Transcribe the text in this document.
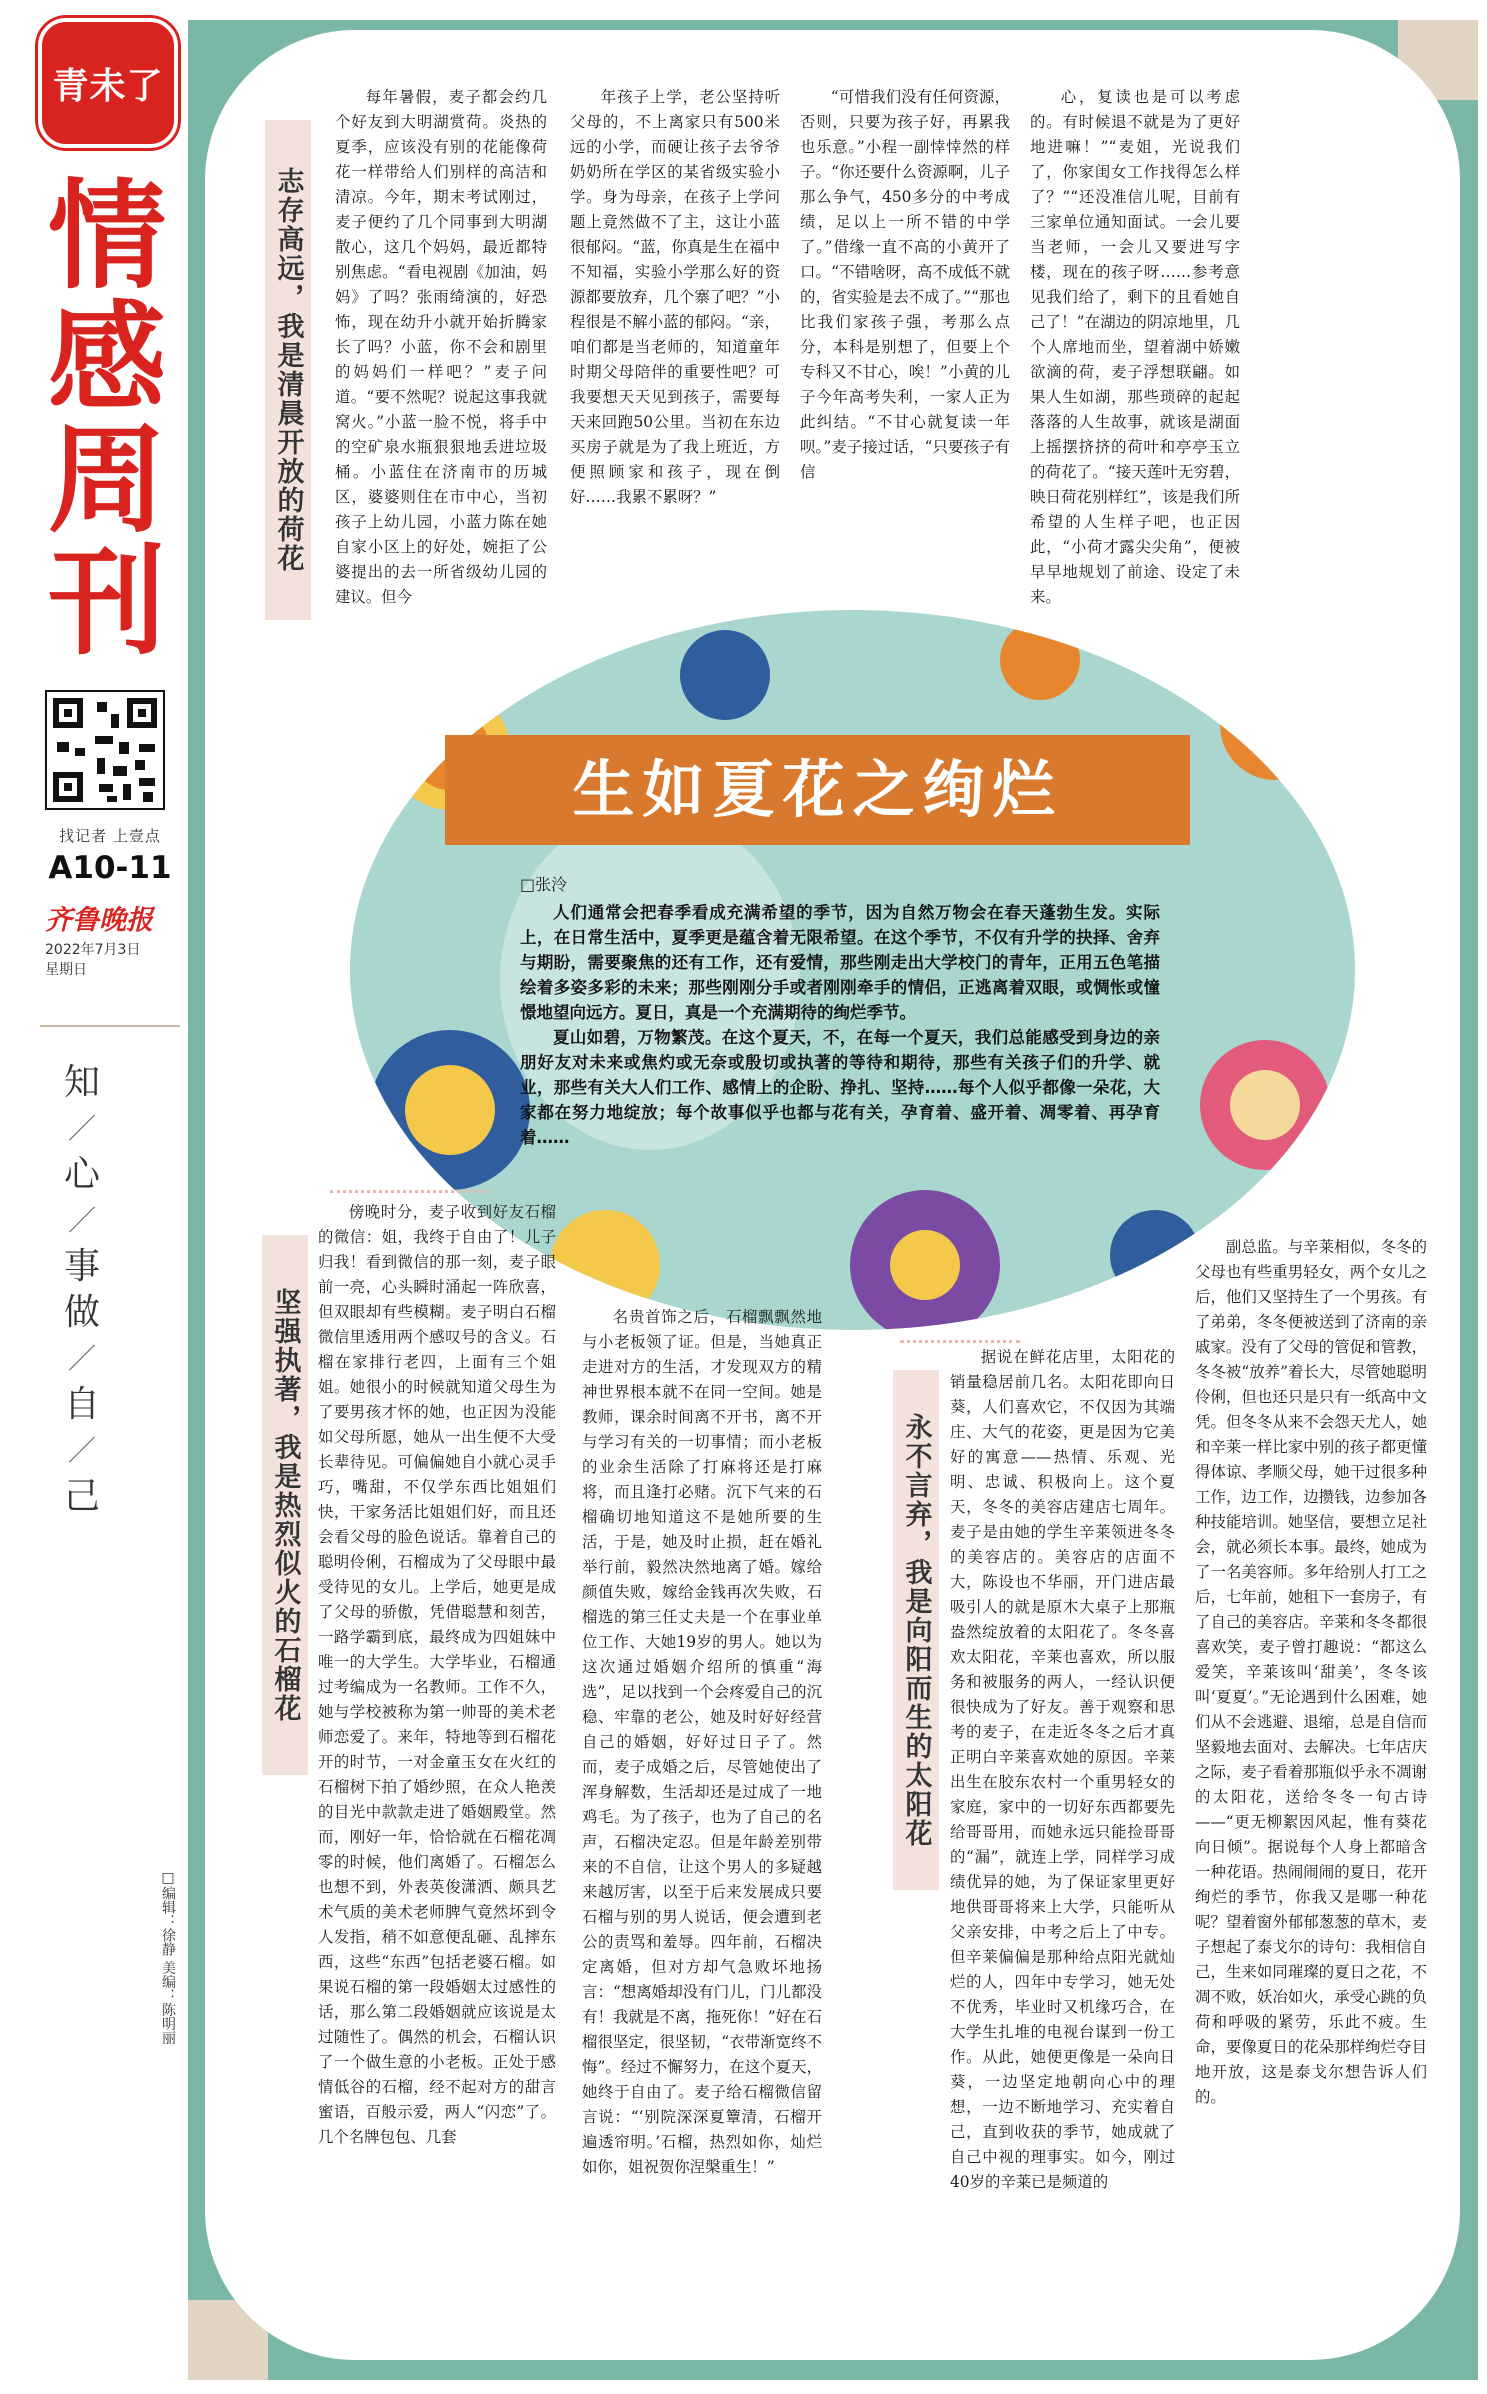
青未了
情
感
周
刊
找记者 上壹点
A10-11
齐鲁晚报
2022年7月3日
星期日
知
／
心
／
事
做
／
自
／
己
□编辑：徐静 美编：陈明丽
志存高远，我是清晨开放的荷花

每年暑假，麦子都会约几个好友到大明湖赏荷。炎热的夏季，应该没有别的花能像荷花一样带给人们别样的高洁和清凉。今年，期末考试刚过，麦子便约了几个同事到大明湖散心，这几个妈妈，最近都特别焦虑。“看电视剧《加油，妈妈》了吗？张雨绮演的，好恐怖，现在幼升小就开始折腾家长了吗？小蓝，你不会和剧里的妈妈们一样吧？”麦子问道。“要不然呢？说起这事我就窝火。”小蓝一脸不悦，将手中的空矿泉水瓶狠狠地丢进垃圾桶。小蓝住在济南市的历城区，婆婆则住在市中心，当初孩子上幼儿园，小蓝力陈在她自家小区上的好处，婉拒了公婆提出的去一所省级幼儿园的建议。但今

年孩子上学，老公坚持听父母的，不上离家只有500米远的小学，而硬让孩子去爷爷奶奶所在学区的某省级实验小学。身为母亲，在孩子上学问题上竟然做不了主，这让小蓝很郁闷。“蓝，你真是生在福中不知福，实验小学那么好的资源都要放弃，几个寨了吧？”小程很是不解小蓝的郁闷。“亲，咱们都是当老师的，知道童年时期父母陪伴的重要性吧？可我要想天天见到孩子，需要每天来回跑50公里。当初在东边买房子就是为了我上班近，方便照顾家和孩子，现在倒好……我累不累呀？”

“可惜我们没有任何资源，否则，只要为孩子好，再累我也乐意。”小程一副悻悻然的样子。“你还要什么资源啊，儿子那么争气，450多分的中考成绩，足以上一所不错的中学了。”借缘一直不高的小黄开了口。“不错啥呀，高不成低不就的，省实验是去不成了。”“那也比我们家孩子强，考那么点分，本科是别想了，但要上个专科又不甘心，唉！”小黄的儿子今年高考失利，一家人正为此纠结。“不甘心就复读一年呗。”麦子接过话，“只要孩子有信

心，复读也是可以考虑的。有时候退不就是为了更好地进嘛！”“麦姐，光说我们了，你家闺女工作找得怎么样了？”“还没准信儿呢，目前有三家单位通知面试。一会儿要当老师，一会儿又要进写字楼，现在的孩子呀……参考意见我们给了，剩下的且看她自己了！”在湖边的阴凉地里，几个人席地而坐，望着湖中娇嫩欲滴的荷，麦子浮想联翩。如果人生如湖，那些琐碎的起起落落的人生故事，就该是湖面上摇摆挤挤的荷叶和亭亭玉立的荷花了。“接天莲叶无穷碧，映日荷花别样红”，该是我们所希望的人生样子吧，也正因此，“小荷才露尖尖角”，便被早早地规划了前途、设定了未来。

生如夏花之绚烂
□张泠

人们通常会把春季看成充满希望的季节，因为自然万物会在春天蓬勃生发。实际上，在日常生活中，夏季更是蕴含着无限希望。在这个季节，不仅有升学的抉择、舍弃与期盼，需要聚焦的还有工作，还有爱情，那些刚走出大学校门的青年，正用五色笔描绘着多姿多彩的未来；那些刚刚分手或者刚刚牵手的情侣，正逃离着双眼，或惆怅或憧憬地望向远方。夏日，真是一个充满期待的绚烂季节。

夏山如碧，万物繁茂。在这个夏天，不，在每一个夏天，我们总能感受到身边的亲朋好友对未来或焦灼或无奈或殷切或执著的等待和期待，那些有关孩子们的升学、就业，那些有关大人们工作、感情上的企盼、挣扎、坚持……每个人似乎都像一朵花，大家都在努力地绽放；每个故事似乎也都与花有关，孕育着、盛开着、凋零着、再孕育着……

坚强执著，我是热烈似火的石榴花

傍晚时分，麦子收到好友石榴的微信：姐，我终于自由了！儿子归我！看到微信的那一刻，麦子眼前一亮，心头瞬时涌起一阵欣喜，但双眼却有些模糊。麦子明白石榴微信里透用两个感叹号的含义。石榴在家排行老四，上面有三个姐姐。她很小的时候就知道父母生为了要男孩才怀的她，也正因为没能如父母所愿，她从一出生便不大受长辈待见。可偏偏她自小就心灵手巧，嘴甜，不仅学东西比姐姐们快，干家务活比姐姐们好，而且还会看父母的脸色说话。靠着自己的聪明伶俐，石榴成为了父母眼中最受待见的女儿。上学后，她更是成了父母的骄傲，凭借聪慧和刻苦，一路学霸到底，最终成为四姐妹中唯一的大学生。大学毕业，石榴通过考编成为一名教师。工作不久，她与学校被称为第一帅哥的美术老师恋爱了。来年，特地等到石榴花开的时节，一对金童玉女在火红的石榴树下拍了婚纱照，在众人艳羡的目光中款款走进了婚姻殿堂。然而，刚好一年，恰恰就在石榴花凋零的时候，他们离婚了。石榴怎么也想不到，外表英俊潇洒、颇具艺术气质的美术老师脾气竟然坏到令人发指，稍不如意便乱砸、乱摔东西，这些“东西”包括老婆石榴。如果说石榴的第一段婚姻太过感性的话，那么第二段婚姻就应该说是太过随性了。偶然的机会，石榴认识了一个做生意的小老板。正处于感情低谷的石榴，经不起对方的甜言蜜语，百般示爱，两人“闪恋”了。几个名牌包包、几套

名贵首饰之后，石榴飘飘然地与小老板领了证。但是，当她真正走进对方的生活，才发现双方的精神世界根本就不在同一空间。她是教师，课余时间离不开书，离不开与学习有关的一切事情；而小老板的业余生活除了打麻将还是打麻将，而且逢打必赌。沉下气来的石榴确切地知道这不是她所要的生活，于是，她及时止损，赶在婚礼举行前，毅然决然地离了婚。嫁给颜值失败，嫁给金钱再次失败，石榴选的第三任丈夫是一个在事业单位工作、大她19岁的男人。她以为这次通过婚姻介绍所的慎重“海选”，足以找到一个会疼爱自己的沉稳、牢靠的老公，她及时好好经营自己的婚姻，好好过日子了。然而，麦子成婚之后，尽管她使出了浑身解数，生活却还是过成了一地鸡毛。为了孩子，也为了自己的名声，石榴决定忍。但是年龄差别带来的不自信，让这个男人的多疑越来越厉害，以至于后来发展成只要石榴与别的男人说话，便会遭到老公的责骂和羞辱。四年前，石榴决定离婚，但对方却气急败坏地扬言：“想离婚却没有门儿，门儿都没有！我就是不离，拖死你！”好在石榴很坚定，很坚韧，“衣带渐宽终不悔”。经过不懈努力，在这个夏天，她终于自由了。麦子给石榴微信留言说：“‘别院深深夏簟清，石榴开遍透帘明。’石榴，热烈如你，灿烂如你，姐祝贺你涅槃重生！”

永不言弃，我是向阳而生的太阳花

据说在鲜花店里，太阳花的销量稳居前几名。太阳花即向日葵，人们喜欢它，不仅因为其端庄、大气的花姿，更是因为它美好的寓意——热情、乐观、光明、忠诚、积极向上。这个夏天，冬冬的美容店建店七周年。麦子是由她的学生辛莱领进冬冬的美容店的。美容店的店面不大，陈设也不华丽，开门进店最吸引人的就是原木大桌子上那瓶盎然绽放着的太阳花了。冬冬喜欢太阳花，辛莱也喜欢，所以服务和被服务的两人，一经认识便很快成为了好友。善于观察和思考的麦子，在走近冬冬之后才真正明白辛莱喜欢她的原因。辛莱出生在胶东农村一个重男轻女的家庭，家中的一切好东西都要先给哥哥用，而她永远只能捡哥哥的“漏”，就连上学，同样学习成绩优异的她，为了保证家里更好地供哥哥将来上大学，只能听从父亲安排，中考之后上了中专。但辛莱偏偏是那种给点阳光就灿烂的人，四年中专学习，她无处不优秀，毕业时又机缘巧合，在大学生扎堆的电视台谋到一份工作。从此，她便更像是一朵向日葵，一边坚定地朝向心中的理想，一边不断地学习、充实着自己，直到收获的季节，她成就了自己中视的理事实。如今，刚过40岁的辛莱已是频道的

副总监。与辛莱相似，冬冬的父母也有些重男轻女，两个女儿之后，他们又坚持生了一个男孩。有了弟弟，冬冬便被送到了济南的亲戚家。没有了父母的管促和管教，冬冬被“放养”着长大，尽管她聪明伶俐，但也还只是只有一纸高中文凭。但冬冬从来不会怨天尤人，她和辛莱一样比家中别的孩子都更懂得体谅、孝顺父母，她干过很多种工作，边工作，边攒钱，边参加各种技能培训。她坚信，要想立足社会，就必须长本事。最终，她成为了一名美容师。多年给别人打工之后，七年前，她租下一套房子，有了自己的美容店。辛莱和冬冬都很喜欢笑，麦子曾打趣说：“都这么爱笑，辛莱该叫‘甜美’，冬冬该叫‘夏夏’。”无论遇到什么困难，她们从不会逃避、退缩，总是自信而坚毅地去面对、去解决。七年店庆之际，麦子看着那瓶似乎永不凋谢的太阳花，送给冬冬一句古诗——“更无柳絮因风起，惟有葵花向日倾”。据说每个人身上都暗含一种花语。热闹闹闹的夏日，花开绚烂的季节，你我又是哪一种花呢？望着窗外郁郁葱葱的草木，麦子想起了泰戈尔的诗句：我相信自己，生来如同璀璨的夏日之花，不凋不败，妖冶如火，承受心跳的负荷和呼吸的紧劳，乐此不疲。生命，要像夏日的花朵那样绚烂夺目地开放，这是泰戈尔想告诉人们的。
